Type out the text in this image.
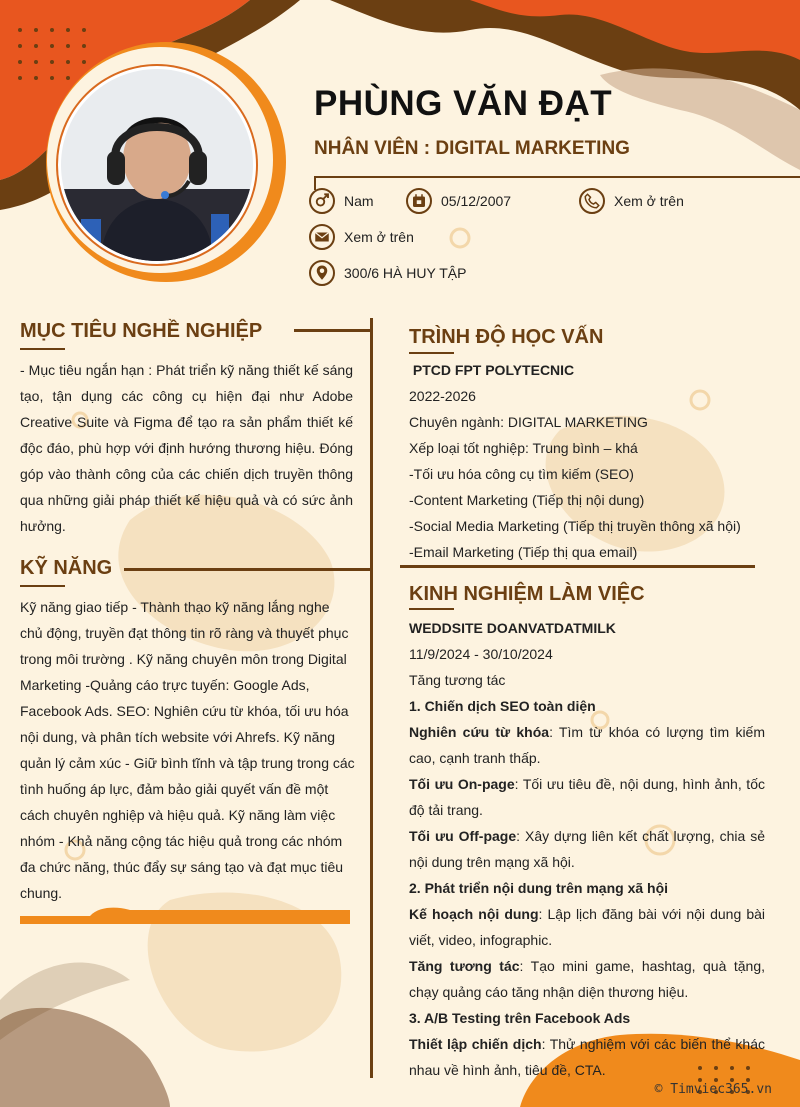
PHÙNG VĂN ĐẠT
NHÂN VIÊN : DIGITAL MARKETING
Nam	05/12/2007	Xem ở trên
Xem ở trên
300/6 HÀ HUY TẬP
MỤC TIÊU NGHỀ NGHIỆP
- Mục tiêu ngắn hạn : Phát triển kỹ năng thiết kế sáng tạo, tận dụng các công cụ hiện đại như Adobe Creative Suite và Figma để tạo ra sản phẩm thiết kế độc đáo, phù hợp với định hướng thương hiệu. Đóng góp vào thành công của các chiến dịch truyền thông qua những giải pháp thiết kế hiệu quả và có sức ảnh hưởng.
KỸ NĂNG
Kỹ năng giao tiếp - Thành thạo kỹ năng lắng nghe chủ động, truyền đạt thông tin rõ ràng và thuyết phục trong môi trường . Kỹ năng chuyên môn trong Digital Marketing -Quảng cáo trực tuyến: Google Ads, Facebook Ads. SEO: Nghiên cứu từ khóa, tối ưu hóa nội dung, và phân tích website với Ahrefs. Kỹ năng quản lý cảm xúc - Giữ bình tĩnh và tập trung trong các tình huống áp lực, đảm bảo giải quyết vấn đề một cách chuyên nghiệp và hiệu quả. Kỹ năng làm việc nhóm - Khả năng cộng tác hiệu quả trong các nhóm đa chức năng, thúc đẩy sự sáng tạo và đạt mục tiêu chung.
TRÌNH ĐỘ HỌC VẤN

PTCD FPT POLYTECNIC

2022-2026

Chuyên ngành: DIGITAL MARKETING

Xếp loại tốt nghiệp: Trung bình – khá

-Tối ưu hóa công cụ tìm kiếm (SEO)

-Content Marketing (Tiếp thị nội dung)

-Social Media Marketing (Tiếp thị truyền thông xã hội)

-Email Marketing (Tiếp thị qua email)

KINH NGHIỆM LÀM VIỆC

WEDDSITE DOANVATDATMILK

11/9/2024 - 30/10/2024

Tăng tương tác

1. Chiến dịch SEO toàn diện

Nghiên cứu từ khóa: Tìm từ khóa có lượng tìm kiếm cao, cạnh tranh thấp.

Tối ưu On-page: Tối ưu tiêu đề, nội dung, hình ảnh, tốc độ tải trang.

Tối ưu Off-page: Xây dựng liên kết chất lượng, chia sẻ nội dung trên mạng xã hội.

2. Phát triển nội dung trên mạng xã hội

Kế hoạch nội dung: Lập lịch đăng bài với nội dung bài viết, video, infographic.

Tăng tương tác: Tạo mini game, hashtag, quà tặng, chạy quảng cáo tăng nhận diện thương hiệu.

3. A/B Testing trên Facebook Ads

Thiết lập chiến dịch: Thử nghiệm với các biến thể khác nhau về hình ảnh, tiêu đề, CTA.

© Timviec365.vn
